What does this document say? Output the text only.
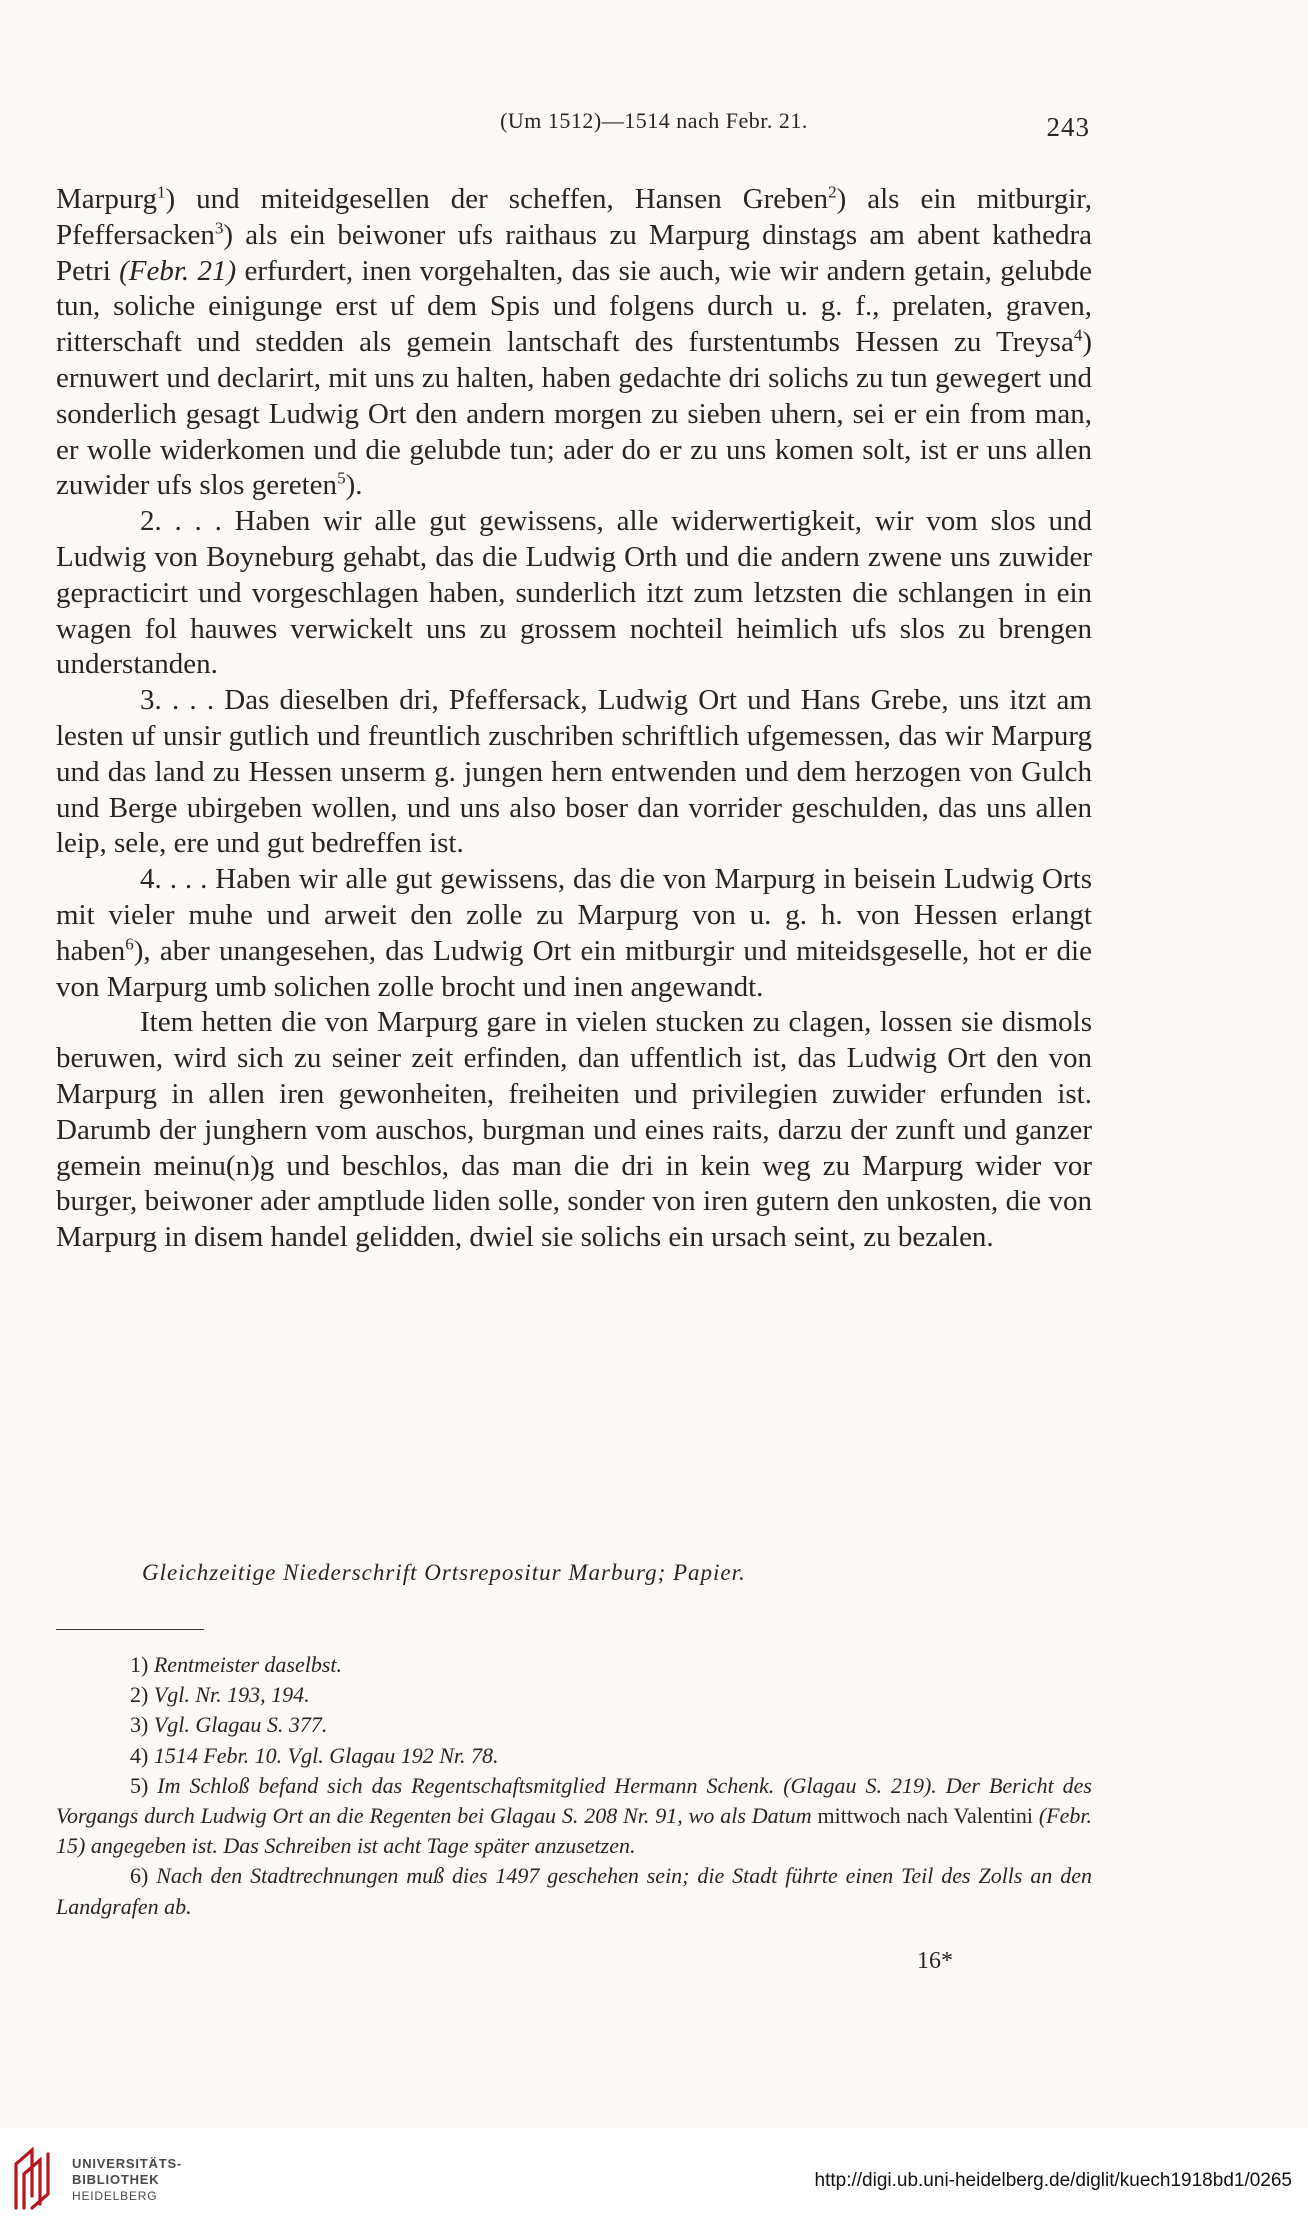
(Um 1512)—1514 nach Febr. 21.	243

Marpurg$^1$) und miteidgesellen der scheffen, Hansen Greben$^2$) als ein mitburgir, Pfeffersacken$^3$) als ein beiwoner ufs raithaus zu Marpurg dinstags am abent kathedra Petri (Febr. 21) erfurdert, inen vorgehalten, das sie auch, wie wir andern getain, gelubde tun, soliche einigunge erst uf dem Spis und folgens durch u. g. f., prelaten, graven, ritterschaft und stedden als gemein lantschaft des furstentumbs Hessen zu Treysa$^4$) ernuwert und declarirt, mit uns zu halten, haben gedachte dri solichs zu tun gewegert und sonderlich gesagt Ludwig Ort den andern morgen zu sieben uhern, sei er ein from man, er wolle widerkomen und die gelubde tun; ader do er zu uns komen solt, ist er uns allen zuwider ufs slos gereten$^5$).

2. . . . Haben wir alle gut gewissens, alle widerwertigkeit, wir vom slos und Ludwig von Boyneburg gehabt, das die Ludwig Orth und die andern zwene uns zuwider gepracticirt und vorgeschlagen haben, sunderlich itzt zum letzsten die schlangen in ein wagen fol hauwes verwickelt uns zu grossem nochteil heimlich ufs slos zu brengen understanden.

3. . . . Das dieselben dri, Pfeffersack, Ludwig Ort und Hans Grebe, uns itzt am lesten uf unsir gutlich und freuntlich zuschriben schriftlich ufgemessen, das wir Marpurg und das land zu Hessen unserm g. jungen hern entwenden und dem herzogen von Gulch und Berge ubirgeben wollen, und uns also boser dan vorrider geschulden, das uns allen leip, sele, ere und gut bedreffen ist.

4. . . . Haben wir alle gut gewissens, das die von Marpurg in beisein Ludwig Orts mit vieler muhe und arweit den zolle zu Marpurg von u. g. h. von Hessen erlangt haben$^6$), aber unangesehen, das Ludwig Ort ein mitburgir und miteidsgeselle, hot er die von Marpurg umb solichen zolle brocht und inen angewandt.

Item hetten die von Marpurg gare in vielen stucken zu clagen, lossen sie dismols beruwen, wird sich zu seiner zeit erfinden, dan uffentlich ist, das Ludwig Ort den von Marpurg in allen iren gewonheiten, freiheiten und privilegien zuwider erfunden ist. Darumb der junghern vom auschos, burgman und eines raits, darzu der zunft und ganzer gemein meinu(n)g und beschlos, das man die dri in kein weg zu Marpurg wider vor burger, beiwoner ader amptlude liden solle, sonder von iren gutern den unkosten, die von Marpurg in disem handel gelidden, dwiel sie solichs ein ursach seint, zu bezalen.

Gleichzeitige Niederschrift Ortsrepositur Marburg; Papier.

1) Rentmeister daselbst.

2) Vgl. Nr. 193, 194.

3) Vgl. Glagau S. 377.

4) 1514 Febr. 10. Vgl. Glagau 192 Nr. 78.

5) Im Schloß befand sich das Regentschaftsmitglied Hermann Schenk. (Glagau S. 219). Der Bericht des Vorgangs durch Ludwig Ort an die Regenten bei Glagau S. 208 Nr. 91, wo als Datum mittwoch nach Valentini (Febr. 15) angegeben ist. Das Schreiben ist acht Tage später anzusetzen.

6) Nach den Stadtrechnungen muß dies 1497 geschehen sein; die Stadt führte einen Teil des Zolls an den Landgrafen ab.

16*
UNIVERSITÄTS-
BIBLIOTHEK
HEIDELBERG
http://digi.ub.uni-heidelberg.de/diglit/kuech1918bd1/0265
